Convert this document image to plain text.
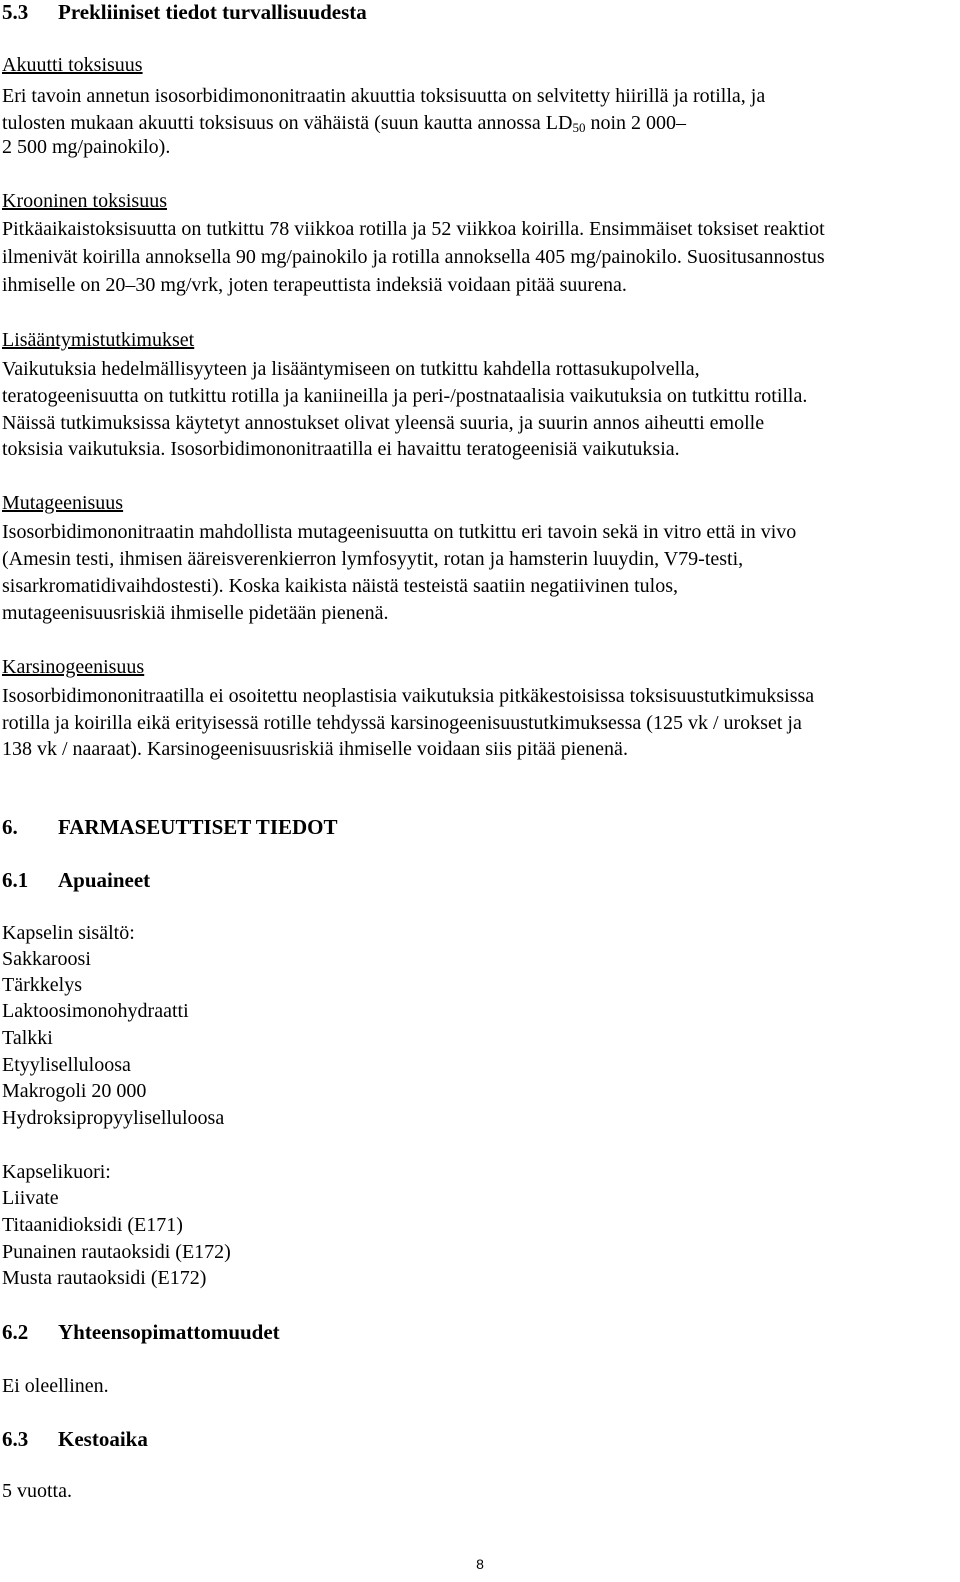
5.3 Prekliiniset tiedot turvallisuudesta
Akuutti toksisuus
Eri tavoin annetun isosorbidimononitraatin akuuttia toksisuutta on selvitetty hiirillä ja rotilla, ja
tulosten mukaan akuutti toksisuus on vähäistä (suun kautta annossa $LD_{50}$ noin 2 000–
2 500 mg/painokilo).
Krooninen toksisuus
Pitkäaikaistoksisuutta on tutkittu 78 viikkoa rotilla ja 52 viikkoa koirilla. Ensimmäiset toksiset reaktiot
ilmenivät koirilla annoksella 90 mg/painokilo ja rotilla annoksella 405 mg/painokilo. Suositusannostus
ihmiselle on 20–30 mg/vrk, joten terapeuttista indeksiä voidaan pitää suurena.
Lisääntymistutkimukset
Vaikutuksia hedelmällisyyteen ja lisääntymiseen on tutkittu kahdella rottasukupolvella,
teratogeenisuutta on tutkittu rotilla ja kaniineilla ja peri-/postnataalisia vaikutuksia on tutkittu rotilla.
Näissä tutkimuksissa käytetyt annostukset olivat yleensä suuria, ja suurin annos aiheutti emolle
toksisia vaikutuksia. Isosorbidimononitraatilla ei havaittu teratogeenisiä vaikutuksia.
Mutageenisuus
Isosorbidimononitraatin mahdollista mutageenisuutta on tutkittu eri tavoin sekä in vitro että in vivo
(Amesin testi, ihmisen ääreisverenkierron lymfosyytit, rotan ja hamsterin luuydin, V79-testi,
sisarkromatidivaihdostesti). Koska kaikista näistä testeistä saatiin negatiivinen tulos,
mutageenisuusriskiä ihmiselle pidetään pienenä.
Karsinogeenisuus
Isosorbidimononitraatilla ei osoitettu neoplastisia vaikutuksia pitkäkestoisissa toksisuustutkimuksissa
rotilla ja koirilla eikä erityisessä rotille tehdyssä karsinogeenisuustutkimuksessa (125 vk / urokset ja
138 vk / naaraat). Karsinogeenisuusriskiä ihmiselle voidaan siis pitää pienenä.
6. FARMASEUTTISET TIEDOT
6.1 Apuaineet
Kapselin sisältö:
Sakkaroosi
Tärkkelys
Laktoosimonohydraatti
Talkki
Etyyliselluloosa
Makrogoli 20 000
Hydroksipropyyliselluloosa
Kapselikuori:
Liivate
Titaanidioksidi (E171)
Punainen rautaoksidi (E172)
Musta rautaoksidi (E172)
6.2 Yhteensopimattomuudet
Ei oleellinen.
6.3 Kestoaika
5 vuotta.
8
